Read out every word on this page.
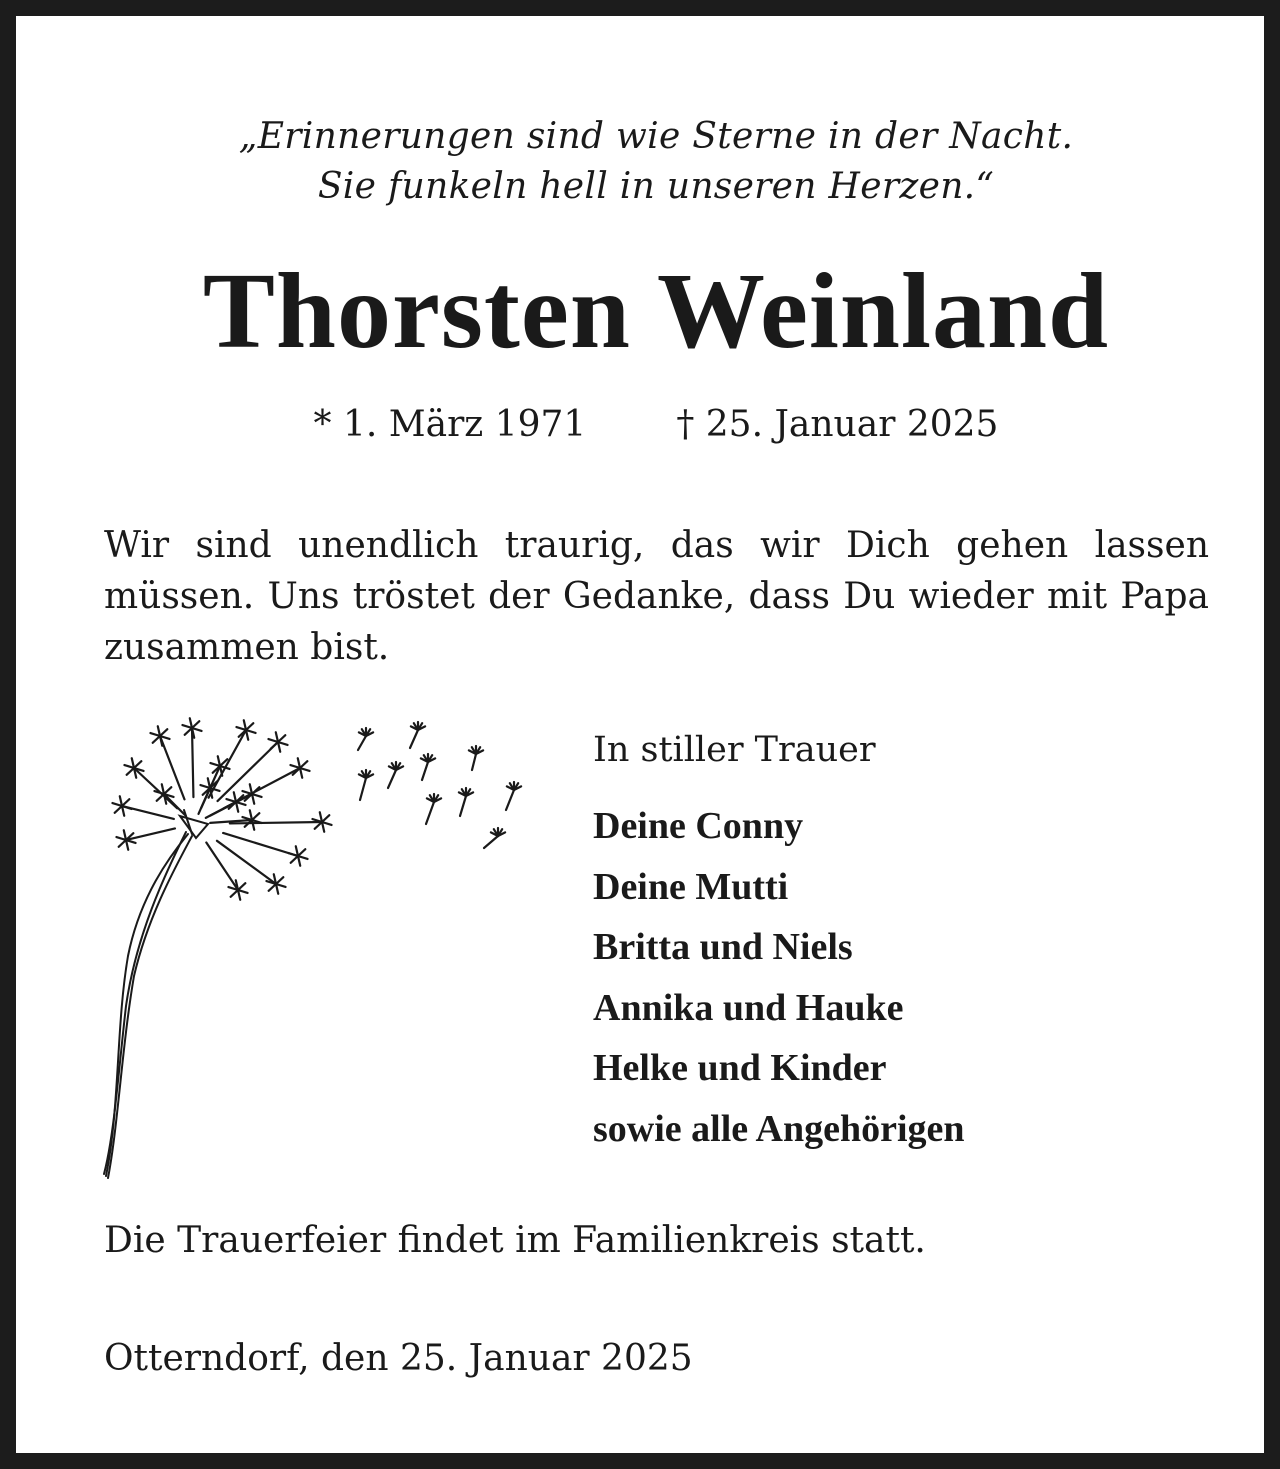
„Erinnerungen sind wie Sterne in der Nacht.
Sie funkeln hell in unseren Herzen.“
Thorsten Weinland
* 1. März 1971	† 25. Januar 2025
Wir sind unendlich traurig, das wir Dich gehen lassen müssen. Uns tröstet der Gedanke, dass Du wieder mit Papa zusammen bist.
In stiller Trauer
Deine Conny
Deine Mutti
Britta und Niels
Annika und Hauke
Helke und Kinder
sowie alle Angehörigen
Die Trauerfeier findet im Familienkreis statt.
Otterndorf, den 25. Januar 2025
